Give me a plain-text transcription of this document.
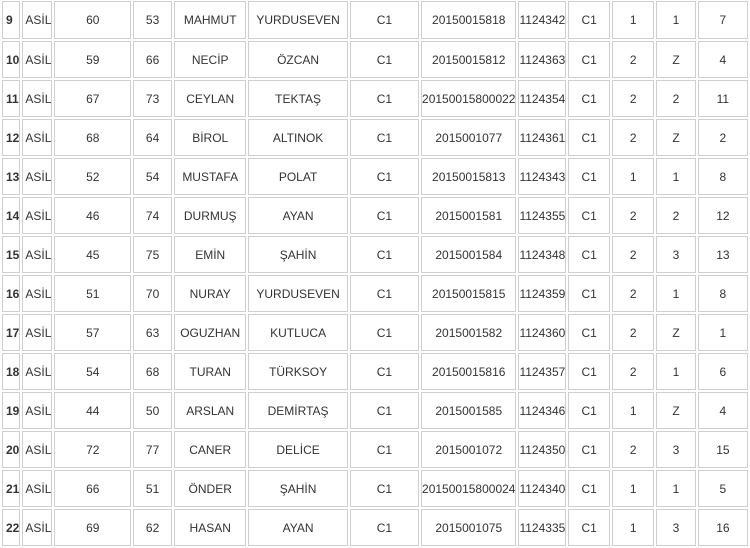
9	ASİL	60	53	MAHMUT	YURDUSEVEN	C1	20150015818	1124342	C1	1	1	7
10	ASİL	59	66	NECİP	ÖZCAN	C1	20150015812	1124363	C1	2	Z	4
11	ASİL	67	73	CEYLAN	TEKTAŞ	C1	20150015800022	1124354	C1	2	2	11
12	ASİL	68	64	BİROL	ALTINOK	C1	2015001077	1124361	C1	2	Z	2
13	ASİL	52	54	MUSTAFA	POLAT	C1	20150015813	1124343	C1	1	1	8
14	ASİL	46	74	DURMUŞ	AYAN	C1	2015001581	1124355	C1	2	2	12
15	ASİL	45	75	EMİN	ŞAHİN	C1	2015001584	1124348	C1	2	3	13
16	ASİL	51	70	NURAY	YURDUSEVEN	C1	20150015815	1124359	C1	2	1	8
17	ASİL	57	63	OGUZHAN	KUTLUCA	C1	2015001582	1124360	C1	2	Z	1
18	ASİL	54	68	TURAN	TÜRKSOY	C1	20150015816	1124357	C1	2	1	6
19	ASİL	44	50	ARSLAN	DEMİRTAŞ	C1	2015001585	1124346	C1	1	Z	4
20	ASİL	72	77	CANER	DELİCE	C1	2015001072	1124350	C1	2	3	15
21	ASİL	66	51	ÖNDER	ŞAHİN	C1	20150015800024	1124340	C1	1	1	5
22	ASİL	69	62	HASAN	AYAN	C1	2015001075	1124335	C1	1	3	16
